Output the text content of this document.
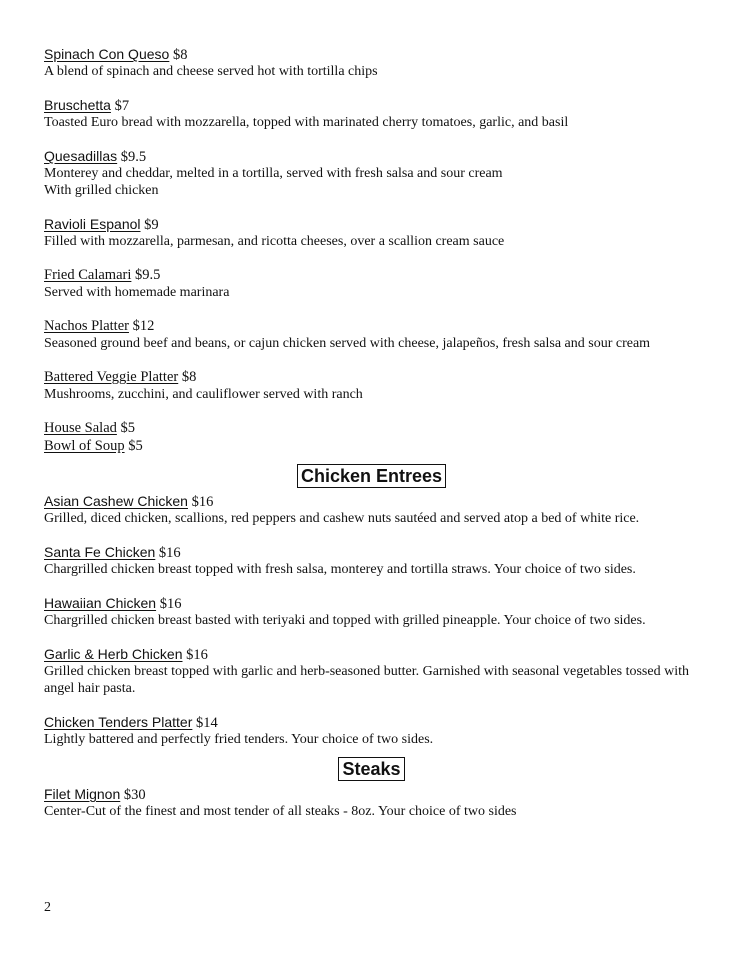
Spinach Con Queso $8
A blend of spinach and cheese served hot with tortilla chips
Bruschetta $7
Toasted Euro bread with mozzarella, topped with marinated cherry tomatoes, garlic, and basil
Quesadillas $9.5
Monterey and cheddar, melted in a tortilla, served with fresh salsa and sour cream
With grilled chicken
Ravioli Espanol $9
Filled with mozzarella, parmesan, and ricotta cheeses, over a scallion cream sauce
Fried Calamari $9.5
Served with homemade marinara
Nachos Platter $12
Seasoned ground beef and beans, or cajun chicken served with cheese, jalapeños, fresh salsa and sour cream
Battered Veggie Platter $8
Mushrooms, zucchini, and cauliflower served with ranch
House Salad $5
Bowl of Soup $5
Chicken Entrees
Asian Cashew Chicken $16
Grilled, diced chicken, scallions, red peppers and cashew nuts sautéed and served atop a bed of white rice.
Santa Fe Chicken $16
Chargrilled chicken breast topped with fresh salsa, monterey and tortilla straws. Your choice of two sides.
Hawaiian Chicken $16
Chargrilled chicken breast basted with teriyaki and topped with grilled pineapple. Your choice of two sides.
Garlic & Herb Chicken $16
Grilled chicken breast topped with garlic and herb-seasoned butter. Garnished with seasonal vegetables tossed with angel hair pasta.
Chicken Tenders Platter $14
Lightly battered and perfectly fried tenders. Your choice of two sides.
Steaks
Filet Mignon $30
Center-Cut of the finest and most tender of all steaks - 8oz. Your choice of two sides
2
